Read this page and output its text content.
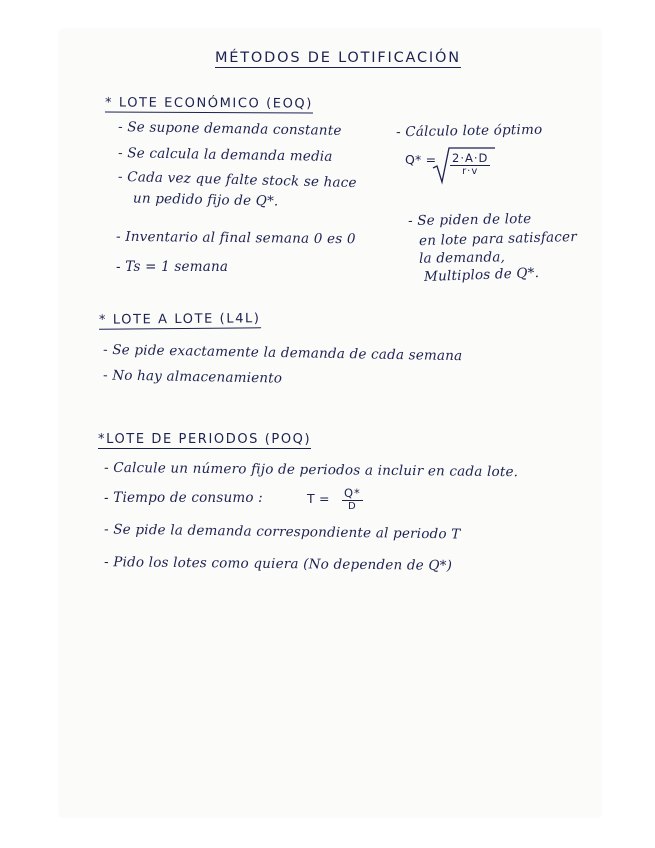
MÉTODOS DE LOTIFICACIÓN
* LOTE ECONÓMICO (EOQ)
- Se supone demanda constante
- Se calcula la demanda media
- Cada vez que falte stock se hace
un pedido fijo de Q*.
- Inventario al final semana 0 es 0
- Ts = 1 semana
- Cálculo lote óptimo
$Q* = \frac{2\cdot A\cdot D}{r\cdot v}$
- Se piden de lote
en lote para satisfacer
la demanda,
Multiplos de Q*.
* LOTE A LOTE (L4L)
- Se pide exactamente la demanda de cada semana
- No hay almacenamiento
*LOTE DE PERIODOS (POQ)
- Calcule un número fijo de periodos a incluir en cada lote.
- Tiempo de consumo :	$T = \frac{Q*}{D}$
- Se pide la demanda correspondiente al periodo T
- Pido los lotes como quiera (No dependen de Q*)
